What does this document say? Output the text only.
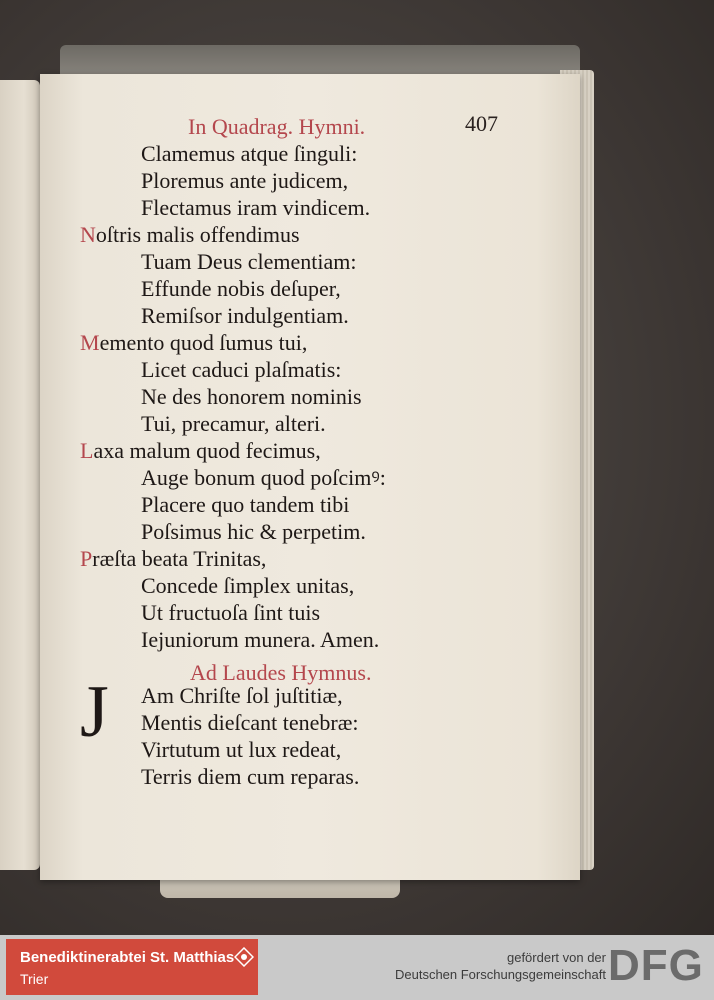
In Quadrag. Hymni.	407
Clamemus atque ſinguli:
Ploremus ante judicem,
Flectamus iram vindicem.
Noſtris malis offendimus
Tuam Deus clementiam:
Effunde nobis deſuper,
Remiſsor indulgentiam.
Memento quod ſumus tui,
Licet caduci plaſmatis:
Ne des honorem nominis
Tui, precamur, alteri.
Laxa malum quod fecimus,
Auge bonum quod poſcimꝰ:
Placere quo tandem tibi
Poſsimus hic & perpetim.
Præſta beata Trinitas,
Concede ſimplex unitas,
Ut fructuoſa ſint tuis
Iejuniorum munera. Amen.
Ad Laudes Hymnus.
J Am Chriſte ſol juſtitiæ,
Mentis dieſcant tenebræ:
Virtutum ut lux redeat,
Terris diem cum reparas.
Benediktinerabtei St. Matthias
Trier
gefördert von der
Deutschen Forschungsgemeinschaft DFG
